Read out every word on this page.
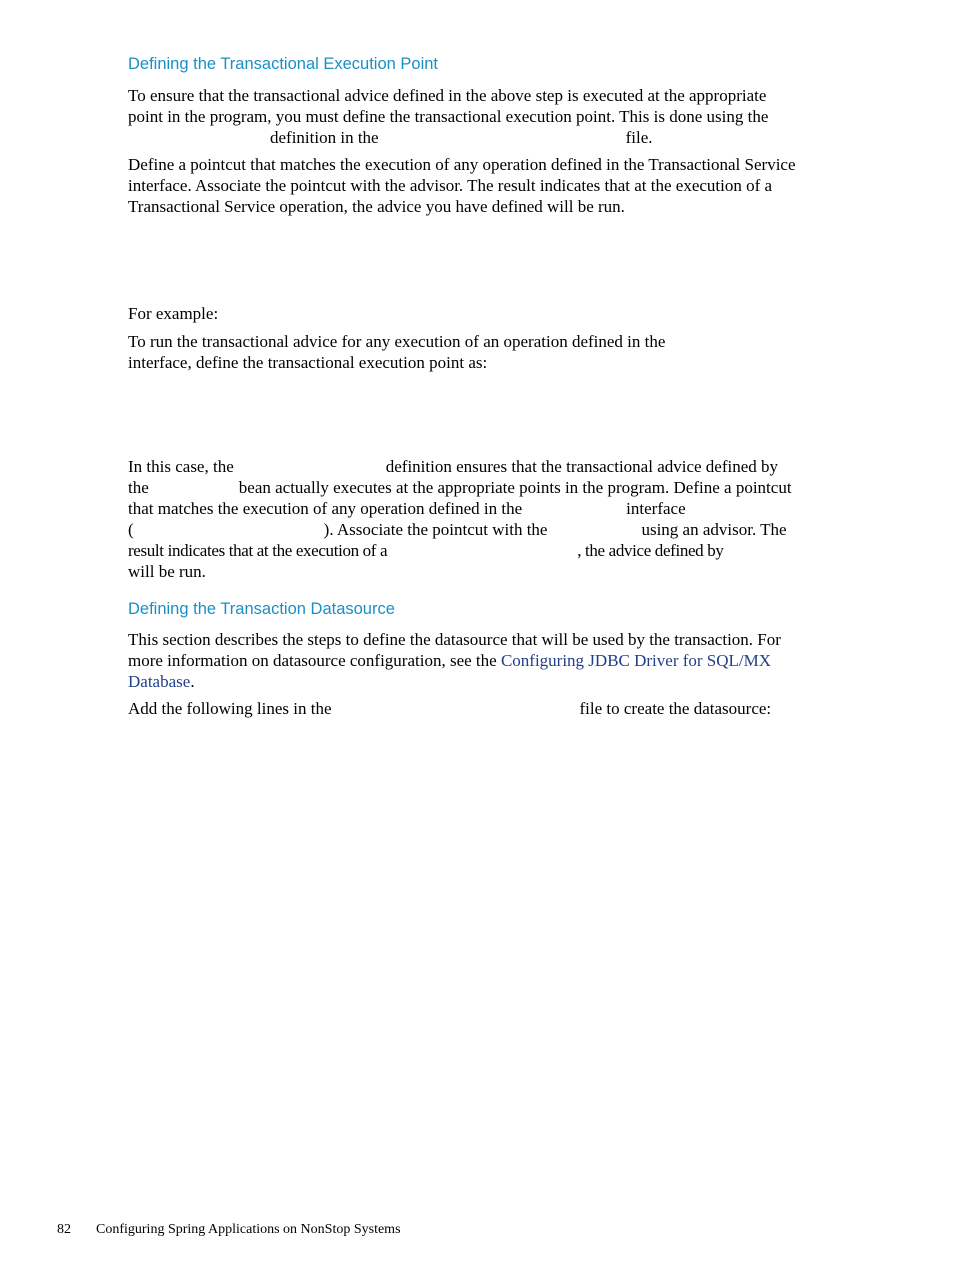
Defining the Transactional Execution Point
To ensure that the transactional advice defined in the above step is executed at the appropriate
point in the program, you must define the transactional execution point. This is done using the
definition in the	file.
Define a pointcut that matches the execution of any operation defined in the Transactional Service
interface. Associate the pointcut with the advisor. The result indicates that at the execution of a
Transactional Service operation, the advice you have defined will be run.
For example:
To run the transactional advice for any execution of an operation defined in the
interface, define the transactional execution point as:
In this case, the	definition ensures that the transactional advice defined by
the	bean actually executes at the appropriate points in the program. Define a pointcut
that matches the execution of any operation defined in the	interface
(	). Associate the pointcut with the	using an advisor. The
result indicates that at the execution of a	, the advice defined by
will be run.
Defining the Transaction Datasource
This section describes the steps to define the datasource that will be used by the transaction. For
more information on datasource configuration, see the Configuring JDBC Driver for SQL/MX
Database.
Add the following lines in the	file to create the datasource:
82 Configuring Spring Applications on NonStop Systems
